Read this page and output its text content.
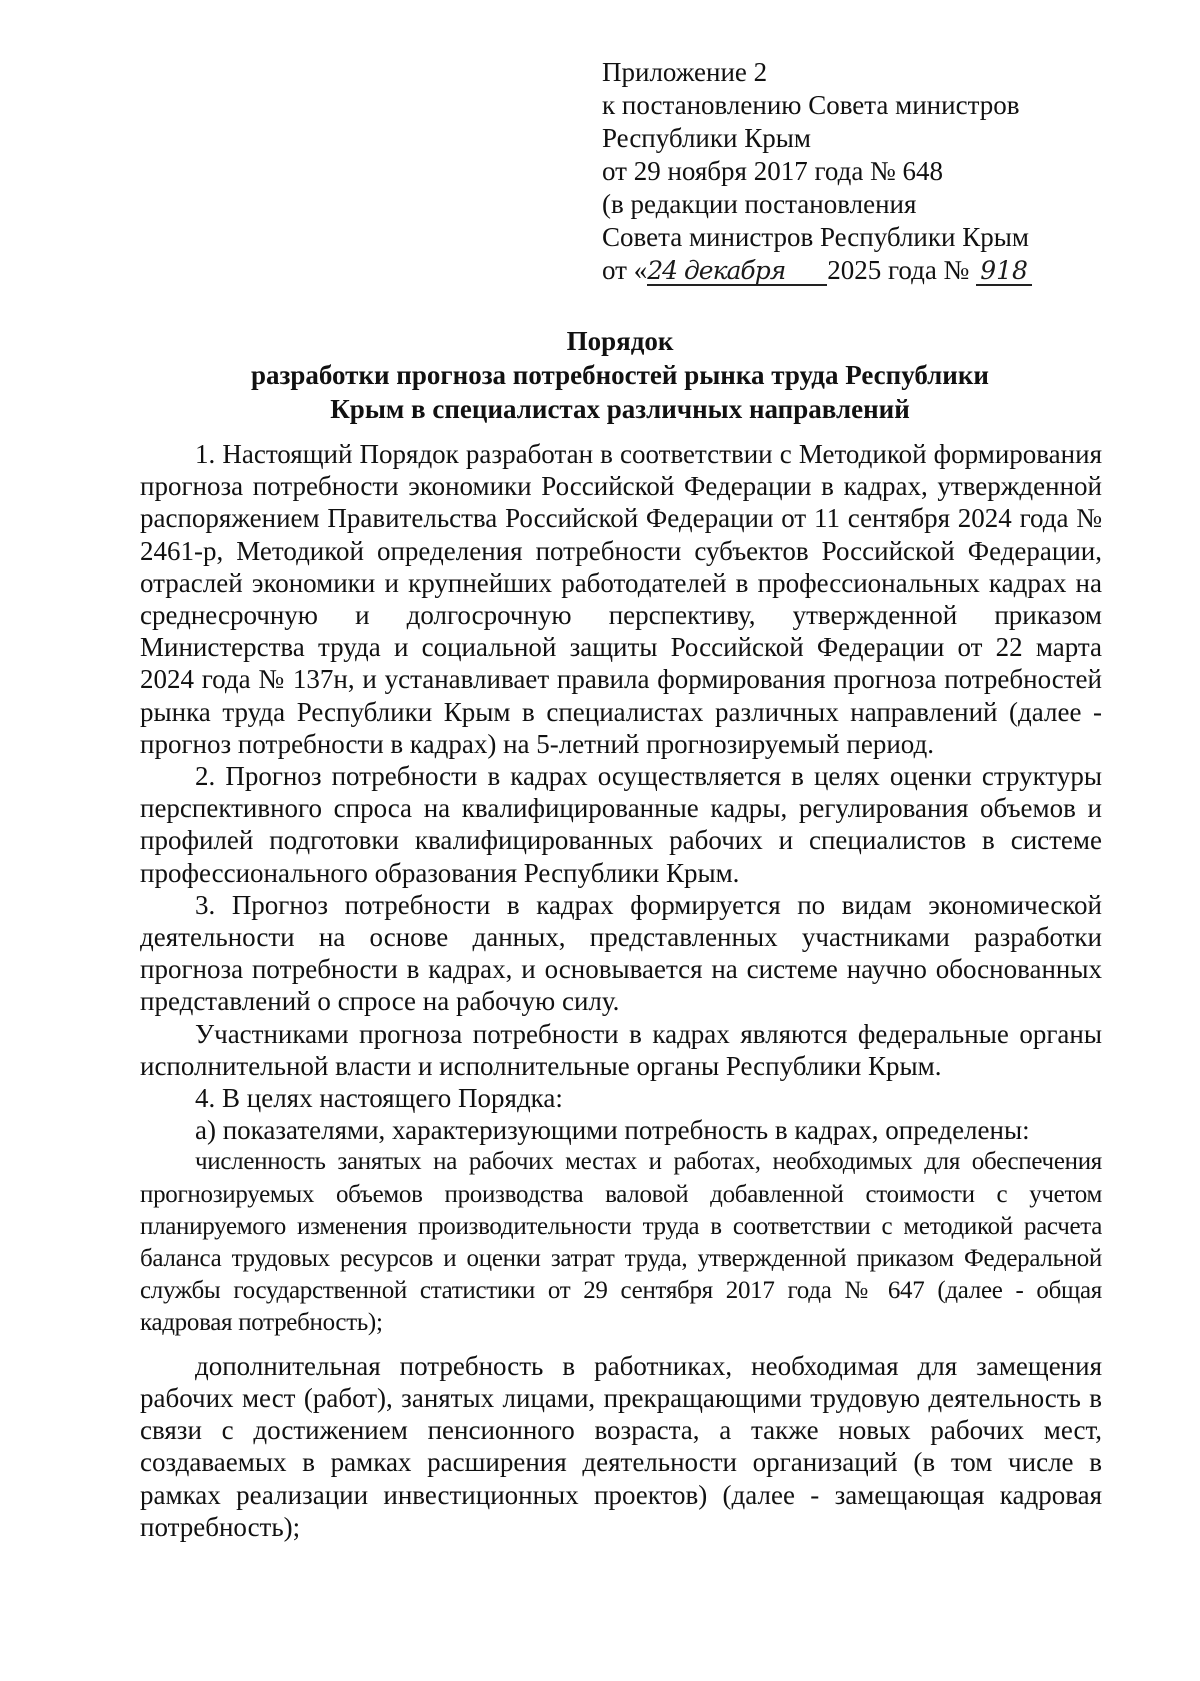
Приложение 2
к постановлению Совета министров
Республики Крым
от 29 ноября 2017 года № 648
(в редакции постановления
Совета министров Республики Крым
от «24 декабря 2025 года № 918
Порядок
разработки прогноза потребностей рынка труда Республики
Крым в специалистах различных направлений

1. Настоящий Порядок разработан в соответствии с Методикой формирования прогноза потребности экономики Российской Федерации в кадрах, утвержденной распоряжением Правительства Российской Федерации от 11 сентября 2024 года № 2461-р, Методикой определения потребности субъектов Российской Федерации, отраслей экономики и крупнейших работодателей в профессиональных кадрах на среднесрочную и долгосрочную перспективу, утвержденной приказом Министерства труда и социальной защиты Российской Федерации от 22 марта 2024 года № 137н, и устанавливает правила формирования прогноза потребностей рынка труда Республики Крым в специалистах различных направлений (далее - прогноз потребности в кадрах) на 5-летний прогнозируемый период.

2. Прогноз потребности в кадрах осуществляется в целях оценки структуры перспективного спроса на квалифицированные кадры, регулирования объемов и профилей подготовки квалифицированных рабочих и специалистов в системе профессионального образования Республики Крым.

3. Прогноз потребности в кадрах формируется по видам экономической деятельности на основе данных, представленных участниками разработки прогноза потребности в кадрах, и основывается на системе научно обоснованных представлений о спросе на рабочую силу.

Участниками прогноза потребности в кадрах являются федеральные органы исполнительной власти и исполнительные органы Республики Крым.

4. В целях настоящего Порядка:

а) показателями, характеризующими потребность в кадрах, определены:

численность занятых на рабочих местах и работах, необходимых для обеспечения прогнозируемых объемов производства валовой добавленной стоимости с учетом планируемого изменения производительности труда в соответствии с методикой расчета баланса трудовых ресурсов и оценки затрат труда, утвержденной приказом Федеральной службы государственной статистики от 29 сентября 2017 года № 647 (далее - общая кадровая потребность);

дополнительная потребность в работниках, необходимая для замещения рабочих мест (работ), занятых лицами, прекращающими трудовую деятельность в связи с достижением пенсионного возраста, а также новых рабочих мест, создаваемых в рамках расширения деятельности организаций (в том числе в рамках реализации инвестиционных проектов) (далее - замещающая кадровая потребность);
